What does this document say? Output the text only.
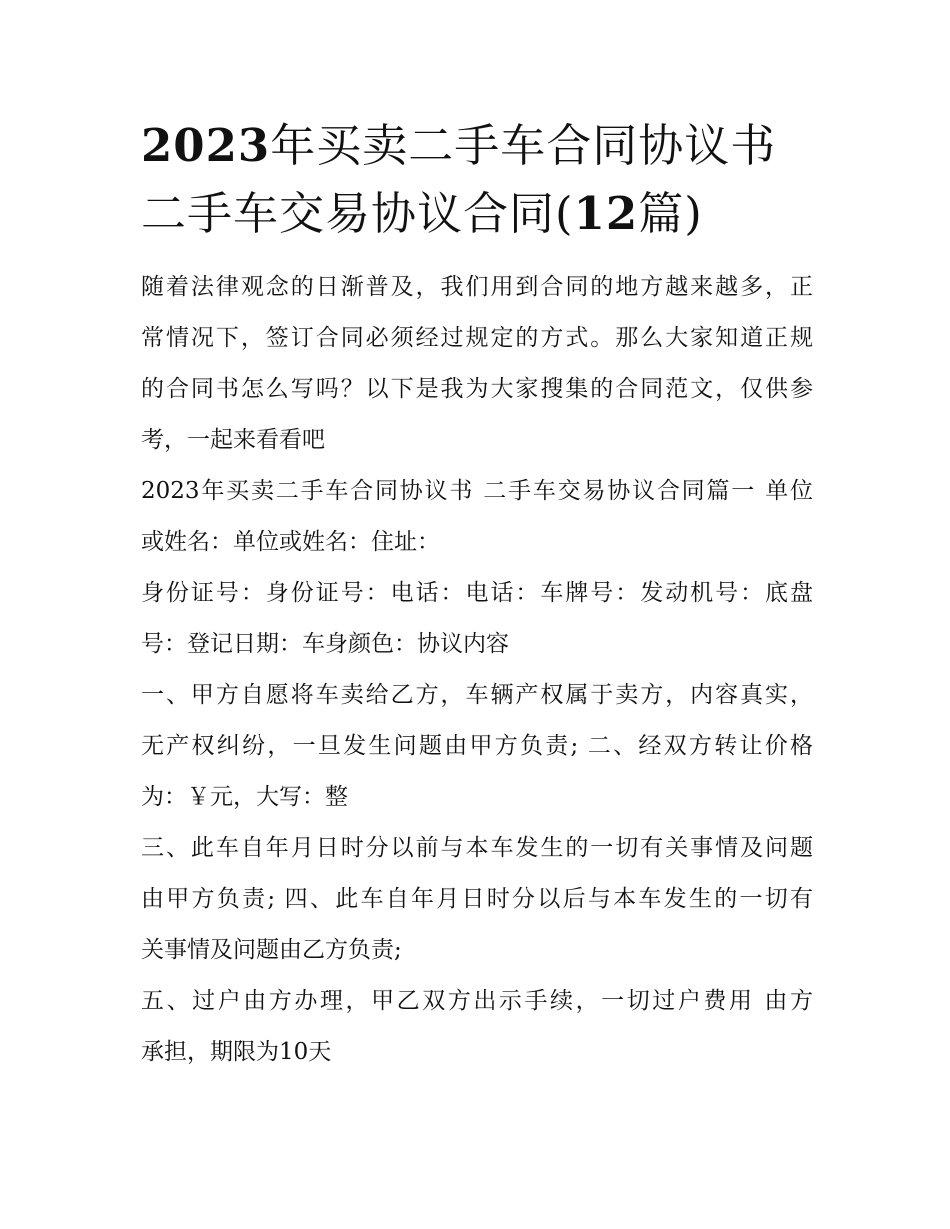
2023年买卖二手车合同协议书
二手车交易协议合同(12篇)

随着法律观念的日渐普及，我们用到合同的地方越来越多，正
常情况下，签订合同必须经过规定的方式。那么大家知道正规
的合同书怎么写吗？以下是我为大家搜集的合同范文，仅供参
考，一起来看看吧

2023年买卖二手车合同协议书 二手车交易协议合同篇一 单位
或姓名：单位或姓名：住址：

身份证号：身份证号：电话：电话：车牌号：发动机号：底盘
号：登记日期：车身颜色：协议内容

一、甲方自愿将车卖给乙方，车辆产权属于卖方，内容真实，
无产权纠纷，一旦发生问题由甲方负责; 二、经双方转让价格
为：￥元，大写：整

三、此车自年月日时分以前与本车发生的一切有关事情及问题
由甲方负责; 四、此车自年月日时分以后与本车发生的一切有
关事情及问题由乙方负责;

五、过户由方办理，甲乙双方出示手续，一切过户费用 由方
承担，期限为10天
